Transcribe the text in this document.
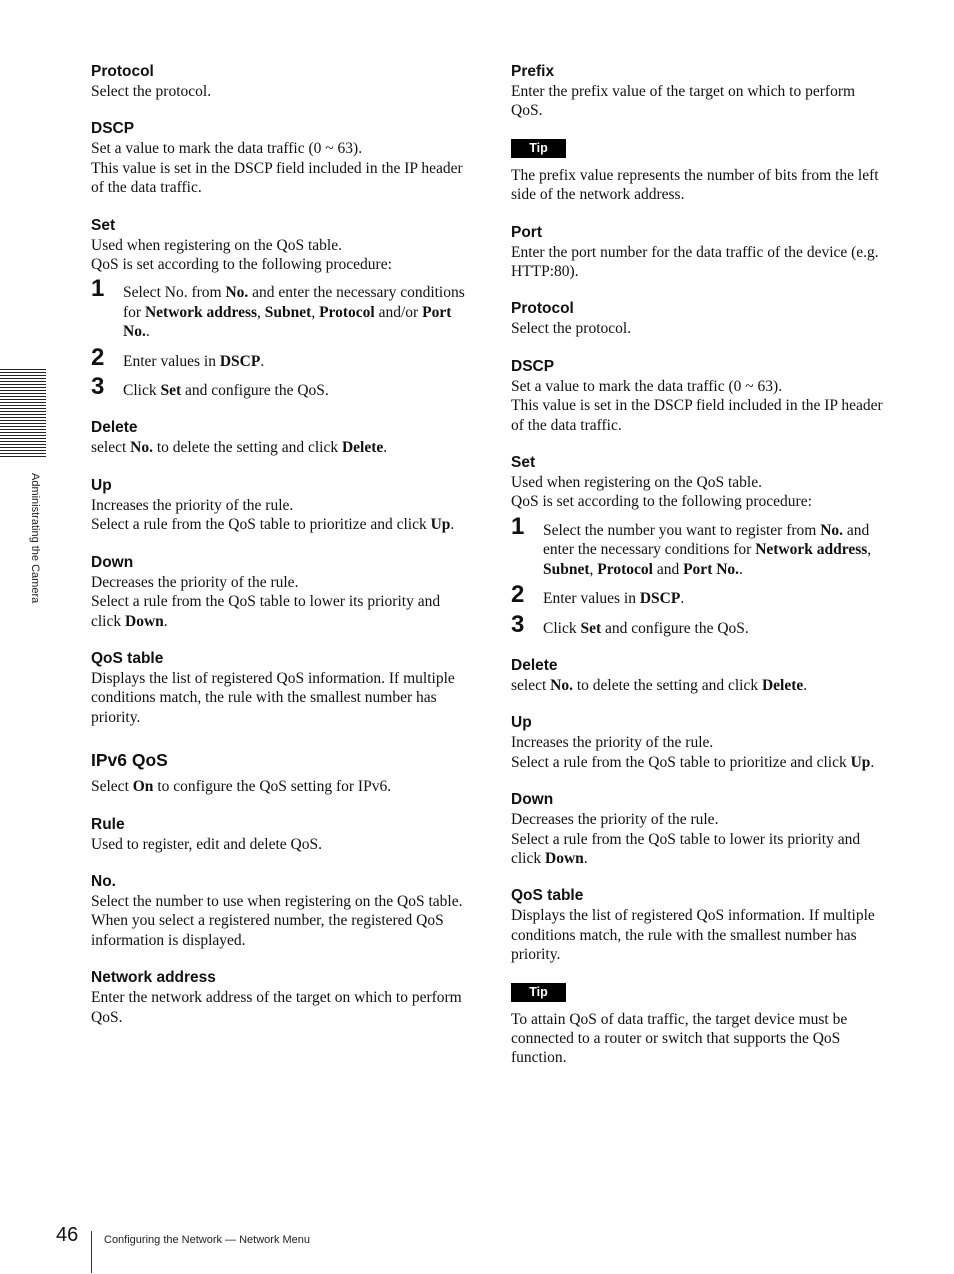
Administrating the Camera
Protocol
Select the protocol.
DSCP
Set a value to mark the data traffic (0 ~ 63).
This value is set in the DSCP field included in the IP header of the data traffic.
Set
Used when registering on the QoS table.
QoS is set according to the following procedure:
1 Select No. from No. and enter the necessary conditions for Network address, Subnet, Protocol and/or Port No..
2 Enter values in DSCP.
3 Click Set and configure the QoS.
Delete
select No. to delete the setting and click Delete.
Up
Increases the priority of the rule.
Select a rule from the QoS table to prioritize and click Up.
Down
Decreases the priority of the rule.
Select a rule from the QoS table to lower its priority and click Down.
QoS table
Displays the list of registered QoS information. If multiple conditions match, the rule with the smallest number has priority.
IPv6 QoS
Select On to configure the QoS setting for IPv6.
Rule
Used to register, edit and delete QoS.
No.
Select the number to use when registering on the QoS table.
When you select a registered number, the registered QoS information is displayed.
Network address
Enter the network address of the target on which to perform QoS.
Prefix
Enter the prefix value of the target on which to perform QoS.
Tip
The prefix value represents the number of bits from the left side of the network address.
Port
Enter the port number for the data traffic of the device (e.g. HTTP:80).
Protocol
Select the protocol.
DSCP
Set a value to mark the data traffic (0 ~ 63).
This value is set in the DSCP field included in the IP header of the data traffic.
Set
Used when registering on the QoS table.
QoS is set according to the following procedure:
1 Select the number you want to register from No. and enter the necessary conditions for Network address, Subnet, Protocol and Port No..
2 Enter values in DSCP.
3 Click Set and configure the QoS.
Delete
select No. to delete the setting and click Delete.
Up
Increases the priority of the rule.
Select a rule from the QoS table to prioritize and click Up.
Down
Decreases the priority of the rule.
Select a rule from the QoS table to lower its priority and click Down.
QoS table
Displays the list of registered QoS information. If multiple conditions match, the rule with the smallest number has priority.
Tip
To attain QoS of data traffic, the target device must be connected to a router or switch that supports the QoS function.
46 Configuring the Network — Network Menu
